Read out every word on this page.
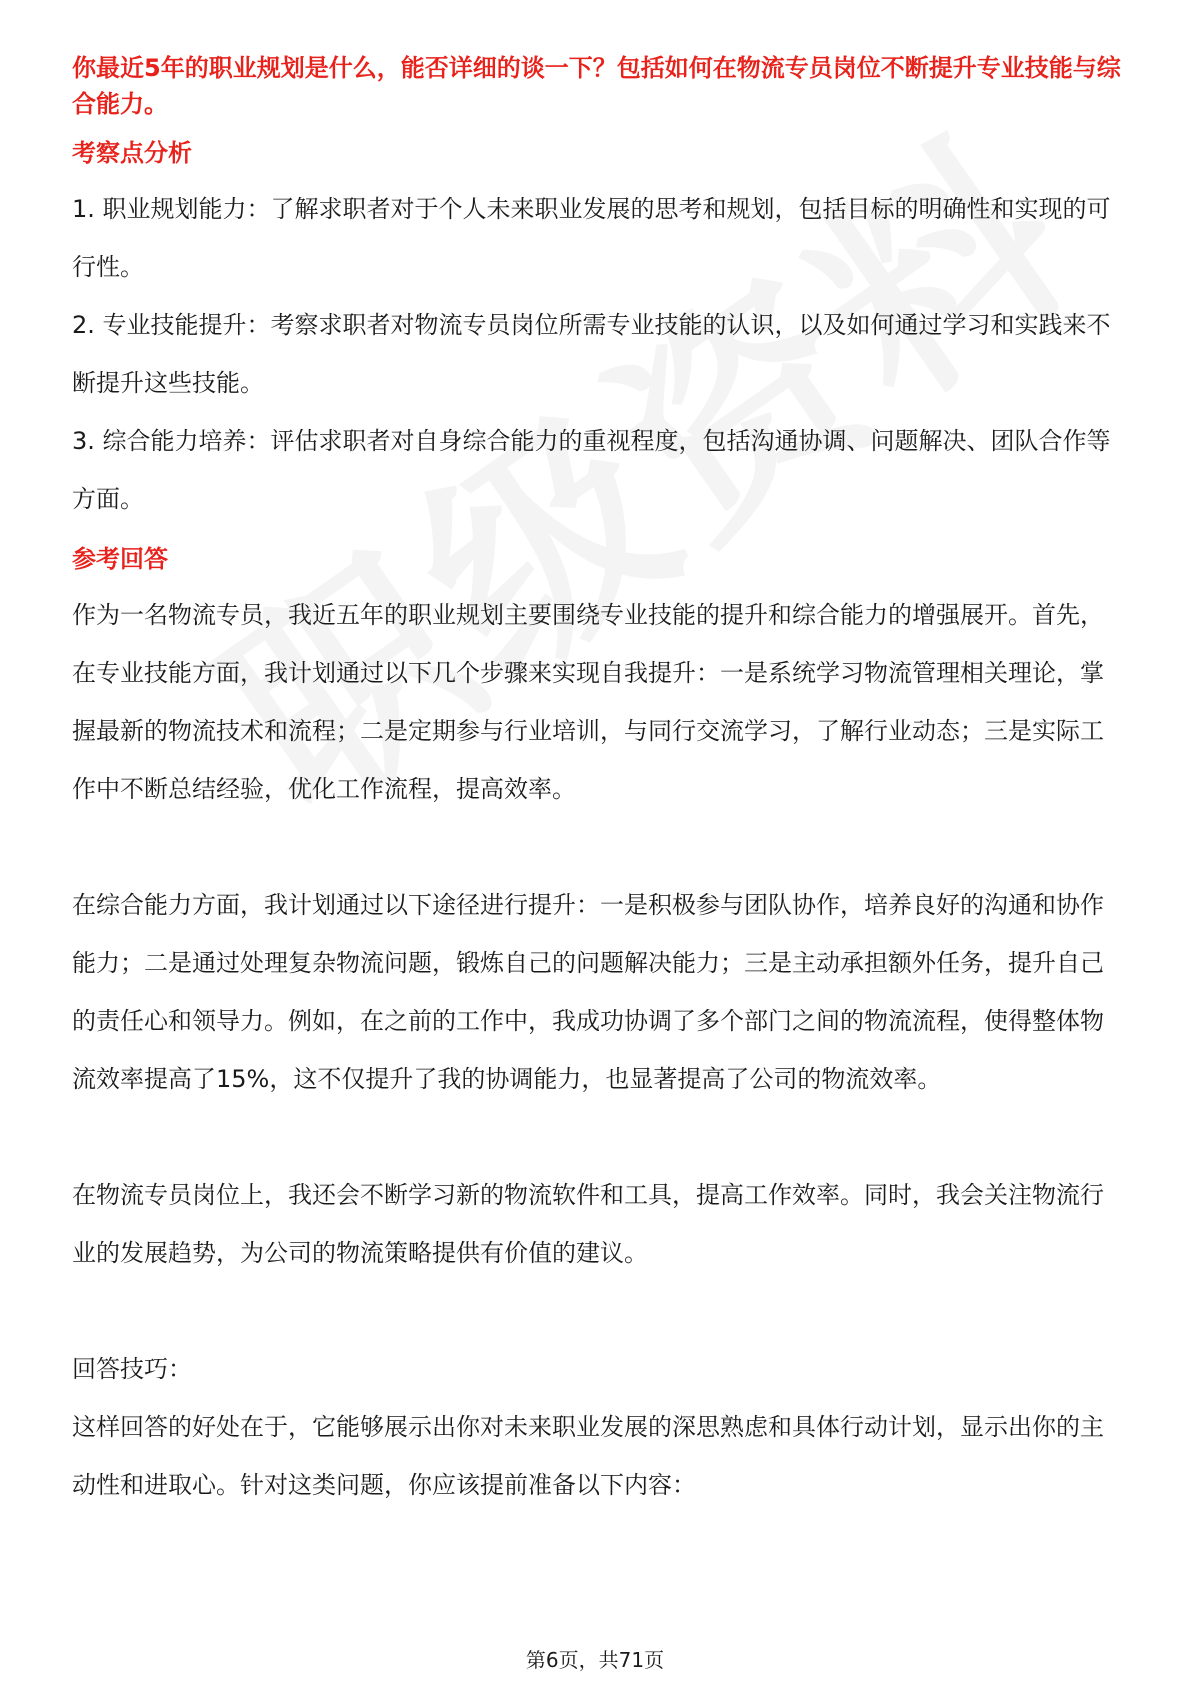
你最近5年的职业规划是什么，能否详细的谈一下？包括如何在物流专员岗位不断提升专业技能与综合能力。

考察点分析

1. 职业规划能力：了解求职者对于个人未来职业发展的思考和规划，包括目标的明确性和实现的可行性。

2. 专业技能提升：考察求职者对物流专员岗位所需专业技能的认识，以及如何通过学习和实践来不断提升这些技能。

3. 综合能力培养：评估求职者对自身综合能力的重视程度，包括沟通协调、问题解决、团队合作等方面。

参考回答

作为一名物流专员，我近五年的职业规划主要围绕专业技能的提升和综合能力的增强展开。首先，在专业技能方面，我计划通过以下几个步骤来实现自我提升：一是系统学习物流管理相关理论，掌握最新的物流技术和流程；二是定期参与行业培训，与同行交流学习，了解行业动态；三是实际工作中不断总结经验，优化工作流程，提高效率。

在综合能力方面，我计划通过以下途径进行提升：一是积极参与团队协作，培养良好的沟通和协作能力；二是通过处理复杂物流问题，锻炼自己的问题解决能力；三是主动承担额外任务，提升自己的责任心和领导力。例如，在之前的工作中，我成功协调了多个部门之间的物流流程，使得整体物流效率提高了15%，这不仅提升了我的协调能力，也显著提高了公司的物流效率。

在物流专员岗位上，我还会不断学习新的物流软件和工具，提高工作效率。同时，我会关注物流行业的发展趋势，为公司的物流策略提供有价值的建议。

回答技巧：

这样回答的好处在于，它能够展示出你对未来职业发展的深思熟虑和具体行动计划，显示出你的主动性和进取心。针对这类问题，你应该提前准备以下内容：

第6页，共71页
